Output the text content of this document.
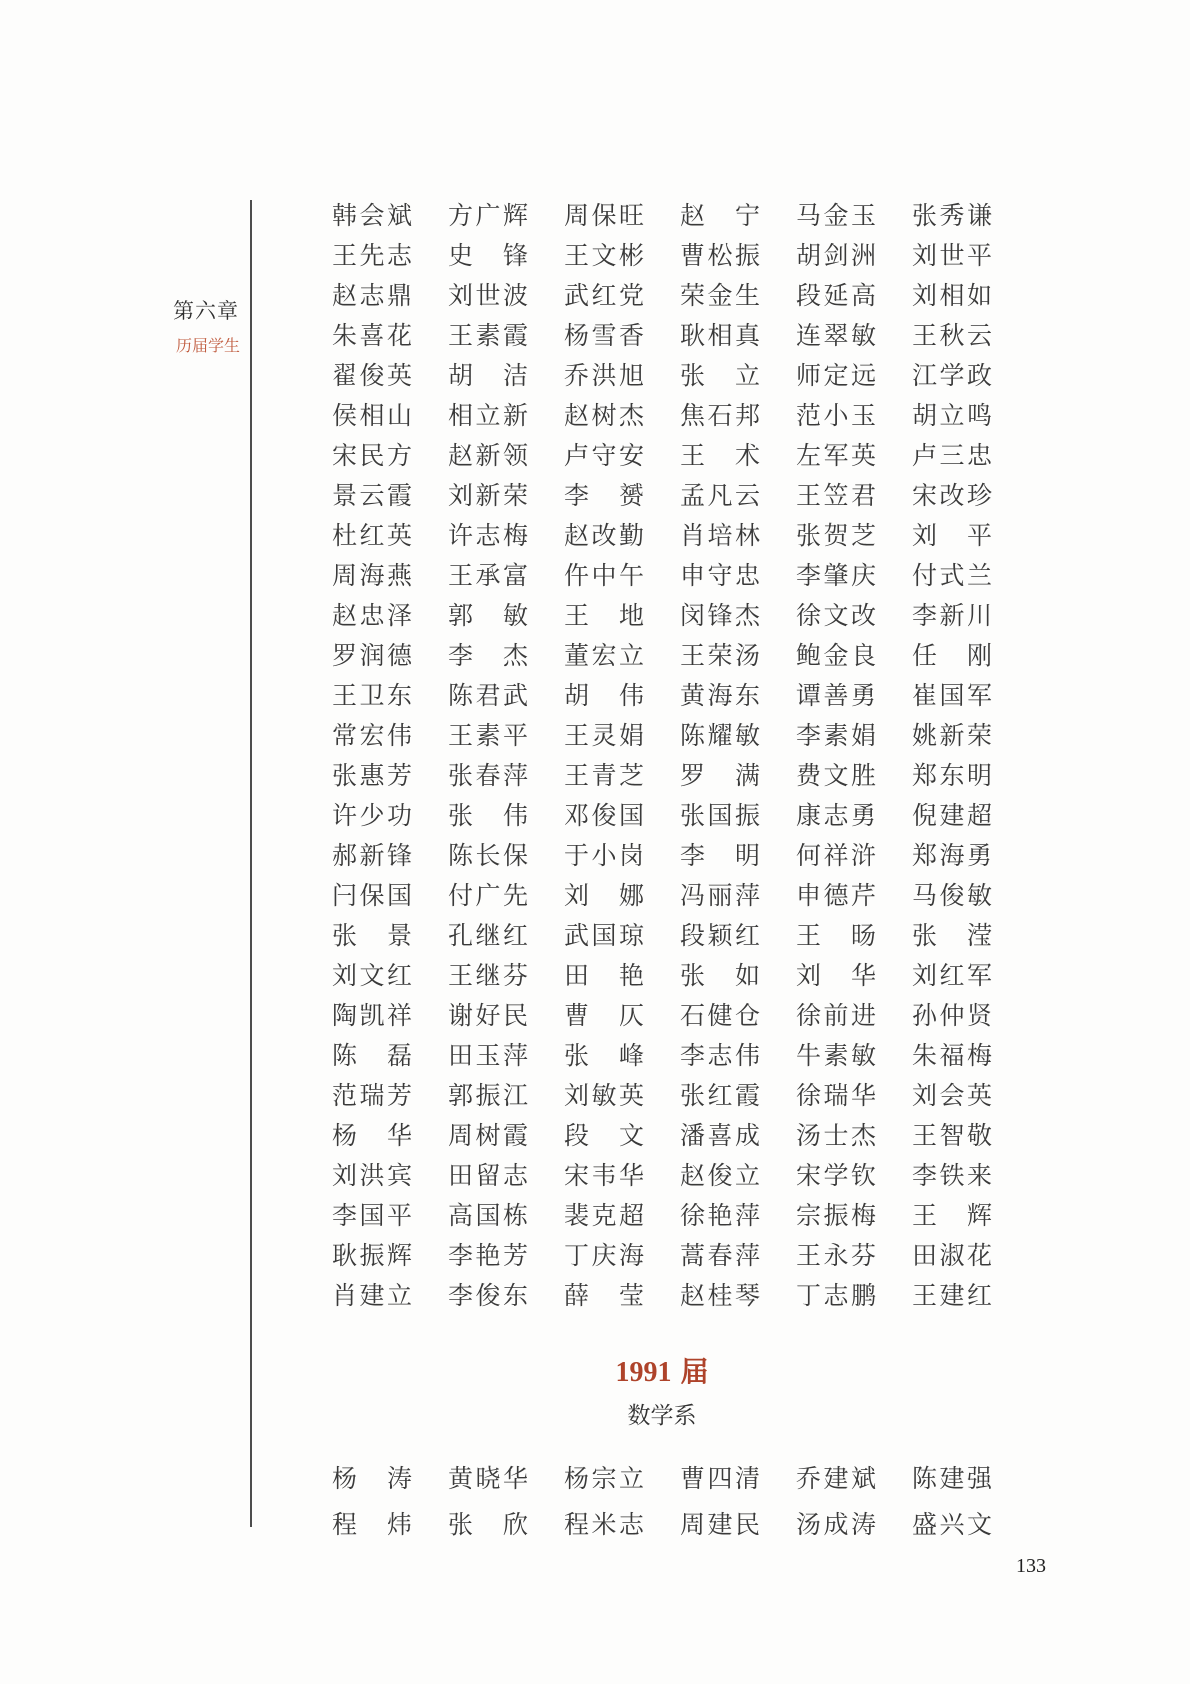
第六章
历届学生
韩会斌 方广辉 周保旺 赵　宁 马金玉 张秀谦
王先志 史　锋 王文彬 曹松振 胡剑洲 刘世平
赵志鼎 刘世波 武红党 荣金生 段延高 刘相如
朱喜花 王素霞 杨雪香 耿相真 连翠敏 王秋云
翟俊英 胡　洁 乔洪旭 张　立 师定远 江学政
侯相山 相立新 赵树杰 焦石邦 范小玉 胡立鸣
宋民方 赵新领 卢守安 王　术 左军英 卢三忠
景云霞 刘新荣 李　赟 孟凡云 王笠君 宋改珍
杜红英 许志梅 赵改勤 肖培林 张贺芝 刘　平
周海燕 王承富 仵中午 申守忠 李肇庆 付式兰
赵忠泽 郭　敏 王　地 闵锋杰 徐文改 李新川
罗润德 李　杰 董宏立 王荣汤 鲍金良 任　刚
王卫东 陈君武 胡　伟 黄海东 谭善勇 崔国军
常宏伟 王素平 王灵娟 陈耀敏 李素娟 姚新荣
张惠芳 张春萍 王青芝 罗　满 费文胜 郑东明
许少功 张　伟 邓俊国 张国振 康志勇 倪建超
郝新锋 陈长保 于小岗 李　明 何祥浒 郑海勇
闩保国 付广先 刘　娜 冯丽萍 申德芹 马俊敏
张　景 孔继红 武国琼 段颖红 王　旸 张　滢
刘文红 王继芬 田　艳 张　如 刘　华 刘红军
陶凯祥 谢好民 曹　仄 石健仓 徐前进 孙仲贤
陈　磊 田玉萍 张　峰 李志伟 牛素敏 朱福梅
范瑞芳 郭振江 刘敏英 张红霞 徐瑞华 刘会英
杨　华 周树霞 段　文 潘喜成 汤士杰 王智敬
刘洪宾 田留志 宋韦华 赵俊立 宋学钦 李铁来
李国平 高国栋 裴克超 徐艳萍 宗振梅 王　辉
耿振辉 李艳芳 丁庆海 蒿春萍 王永芬 田淑花
肖建立 李俊东 薛　莹 赵桂琴 丁志鹏 王建红
1991 届
数学系
杨　涛 黄晓华 杨宗立 曹四清 乔建斌 陈建强
程　炜 张　欣 程米志 周建民 汤成涛 盛兴文
133
